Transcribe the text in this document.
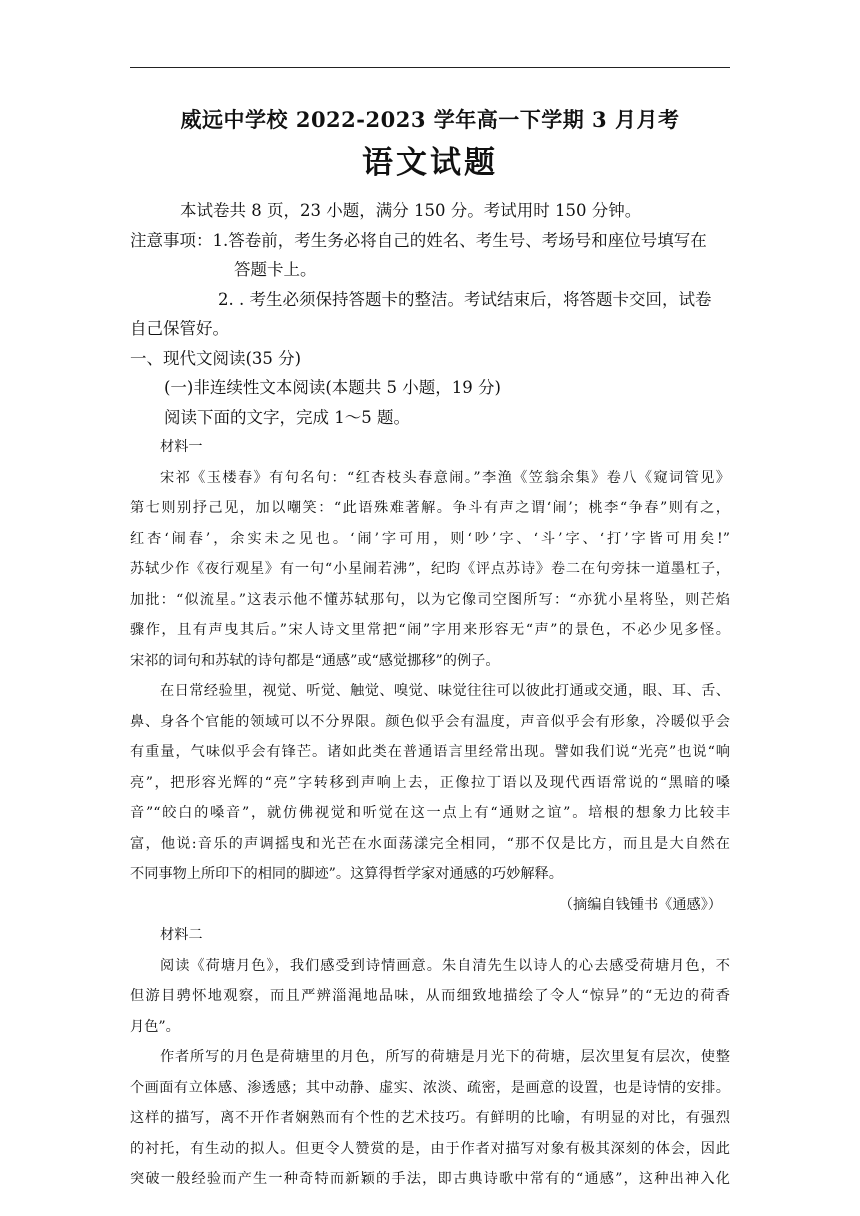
威远中学校 2022-2023 学年高一下学期 3 月月考
语文试题
本试卷共 8 页，23 小题，满分 150 分。考试用时 150 分钟。
注意事项：1.答卷前，考生务必将自己的姓名、考生号、考场号和座位号填写在
答题卡上。
2. . 考生必须保持答题卡的整洁。考试结束后，将答题卡交回，试卷
自己保管好。
一、现代文阅读(35 分)
(一)非连续性文本阅读(本题共 5 小题，19 分)
阅读下面的文字，完成 1～5 题。
材料一
宋祁《玉楼春》有句名句：“红杏枝头春意闹。”李渔《笠翁余集》卷八《窥词管见》
第七则别抒己见，加以嘲笑：“此语殊难著解。争斗有声之谓‘闹’；桃李“争春”则有之，
红杏‘闹春’，余实未之见也。‘闹’字可用，则‘吵’字、‘斗’字、‘打’字皆可用矣!”
苏轼少作《夜行观星》有一句“小星闹若沸”，纪昀《评点苏诗》卷二在句旁抹一道墨杠子，
加批：“似流星。”这表示他不懂苏轼那句，以为它像司空图所写：“亦犹小星将坠，则芒焰
骤作，且有声曳其后。”宋人诗文里常把“闹”字用来形容无“声”的景色，不必少见多怪。
宋祁的词句和苏轼的诗句都是“通感”或“感觉挪移”的例子。
在日常经验里，视觉、听觉、触觉、嗅觉、味觉往往可以彼此打通或交通，眼、耳、舌、
鼻、身各个官能的领域可以不分界限。颜色似乎会有温度，声音似乎会有形象，冷暖似乎会
有重量，气味似乎会有锋芒。诸如此类在普通语言里经常出现。譬如我们说“光亮”也说“响
亮”，把形容光辉的“亮”字转移到声响上去，正像拉丁语以及现代西语常说的“黑暗的嗓
音”“皎白的嗓音”，就仿佛视觉和听觉在这一点上有“通财之谊”。培根的想象力比较丰
富，他说:音乐的声调摇曳和光芒在水面荡漾完全相同，“那不仅是比方，而且是大自然在
不同事物上所印下的相同的脚迹”。这算得哲学家对通感的巧妙解释。
（摘编自钱锺书《通感》）
材料二
阅读《荷塘月色》，我们感受到诗情画意。朱自清先生以诗人的心去感受荷塘月色，不
但游目骋怀地观察，而且严辨淄渑地品味，从而细致地描绘了令人“惊异”的“无边的荷香
月色”。
作者所写的月色是荷塘里的月色，所写的荷塘是月光下的荷塘，层次里复有层次，使整
个画面有立体感、渗透感；其中动静、虚实、浓淡、疏密，是画意的设置，也是诗情的安排。
这样的描写，离不开作者娴熟而有个性的艺术技巧。有鲜明的比喻，有明显的对比，有强烈
的衬托，有生动的拟人。但更令人赞赏的是，由于作者对描写对象有极其深刻的体会，因此
突破一般经验而产生一种奇特而新颖的手法，即古典诗歌中常有的“通感”，这种出神入化
